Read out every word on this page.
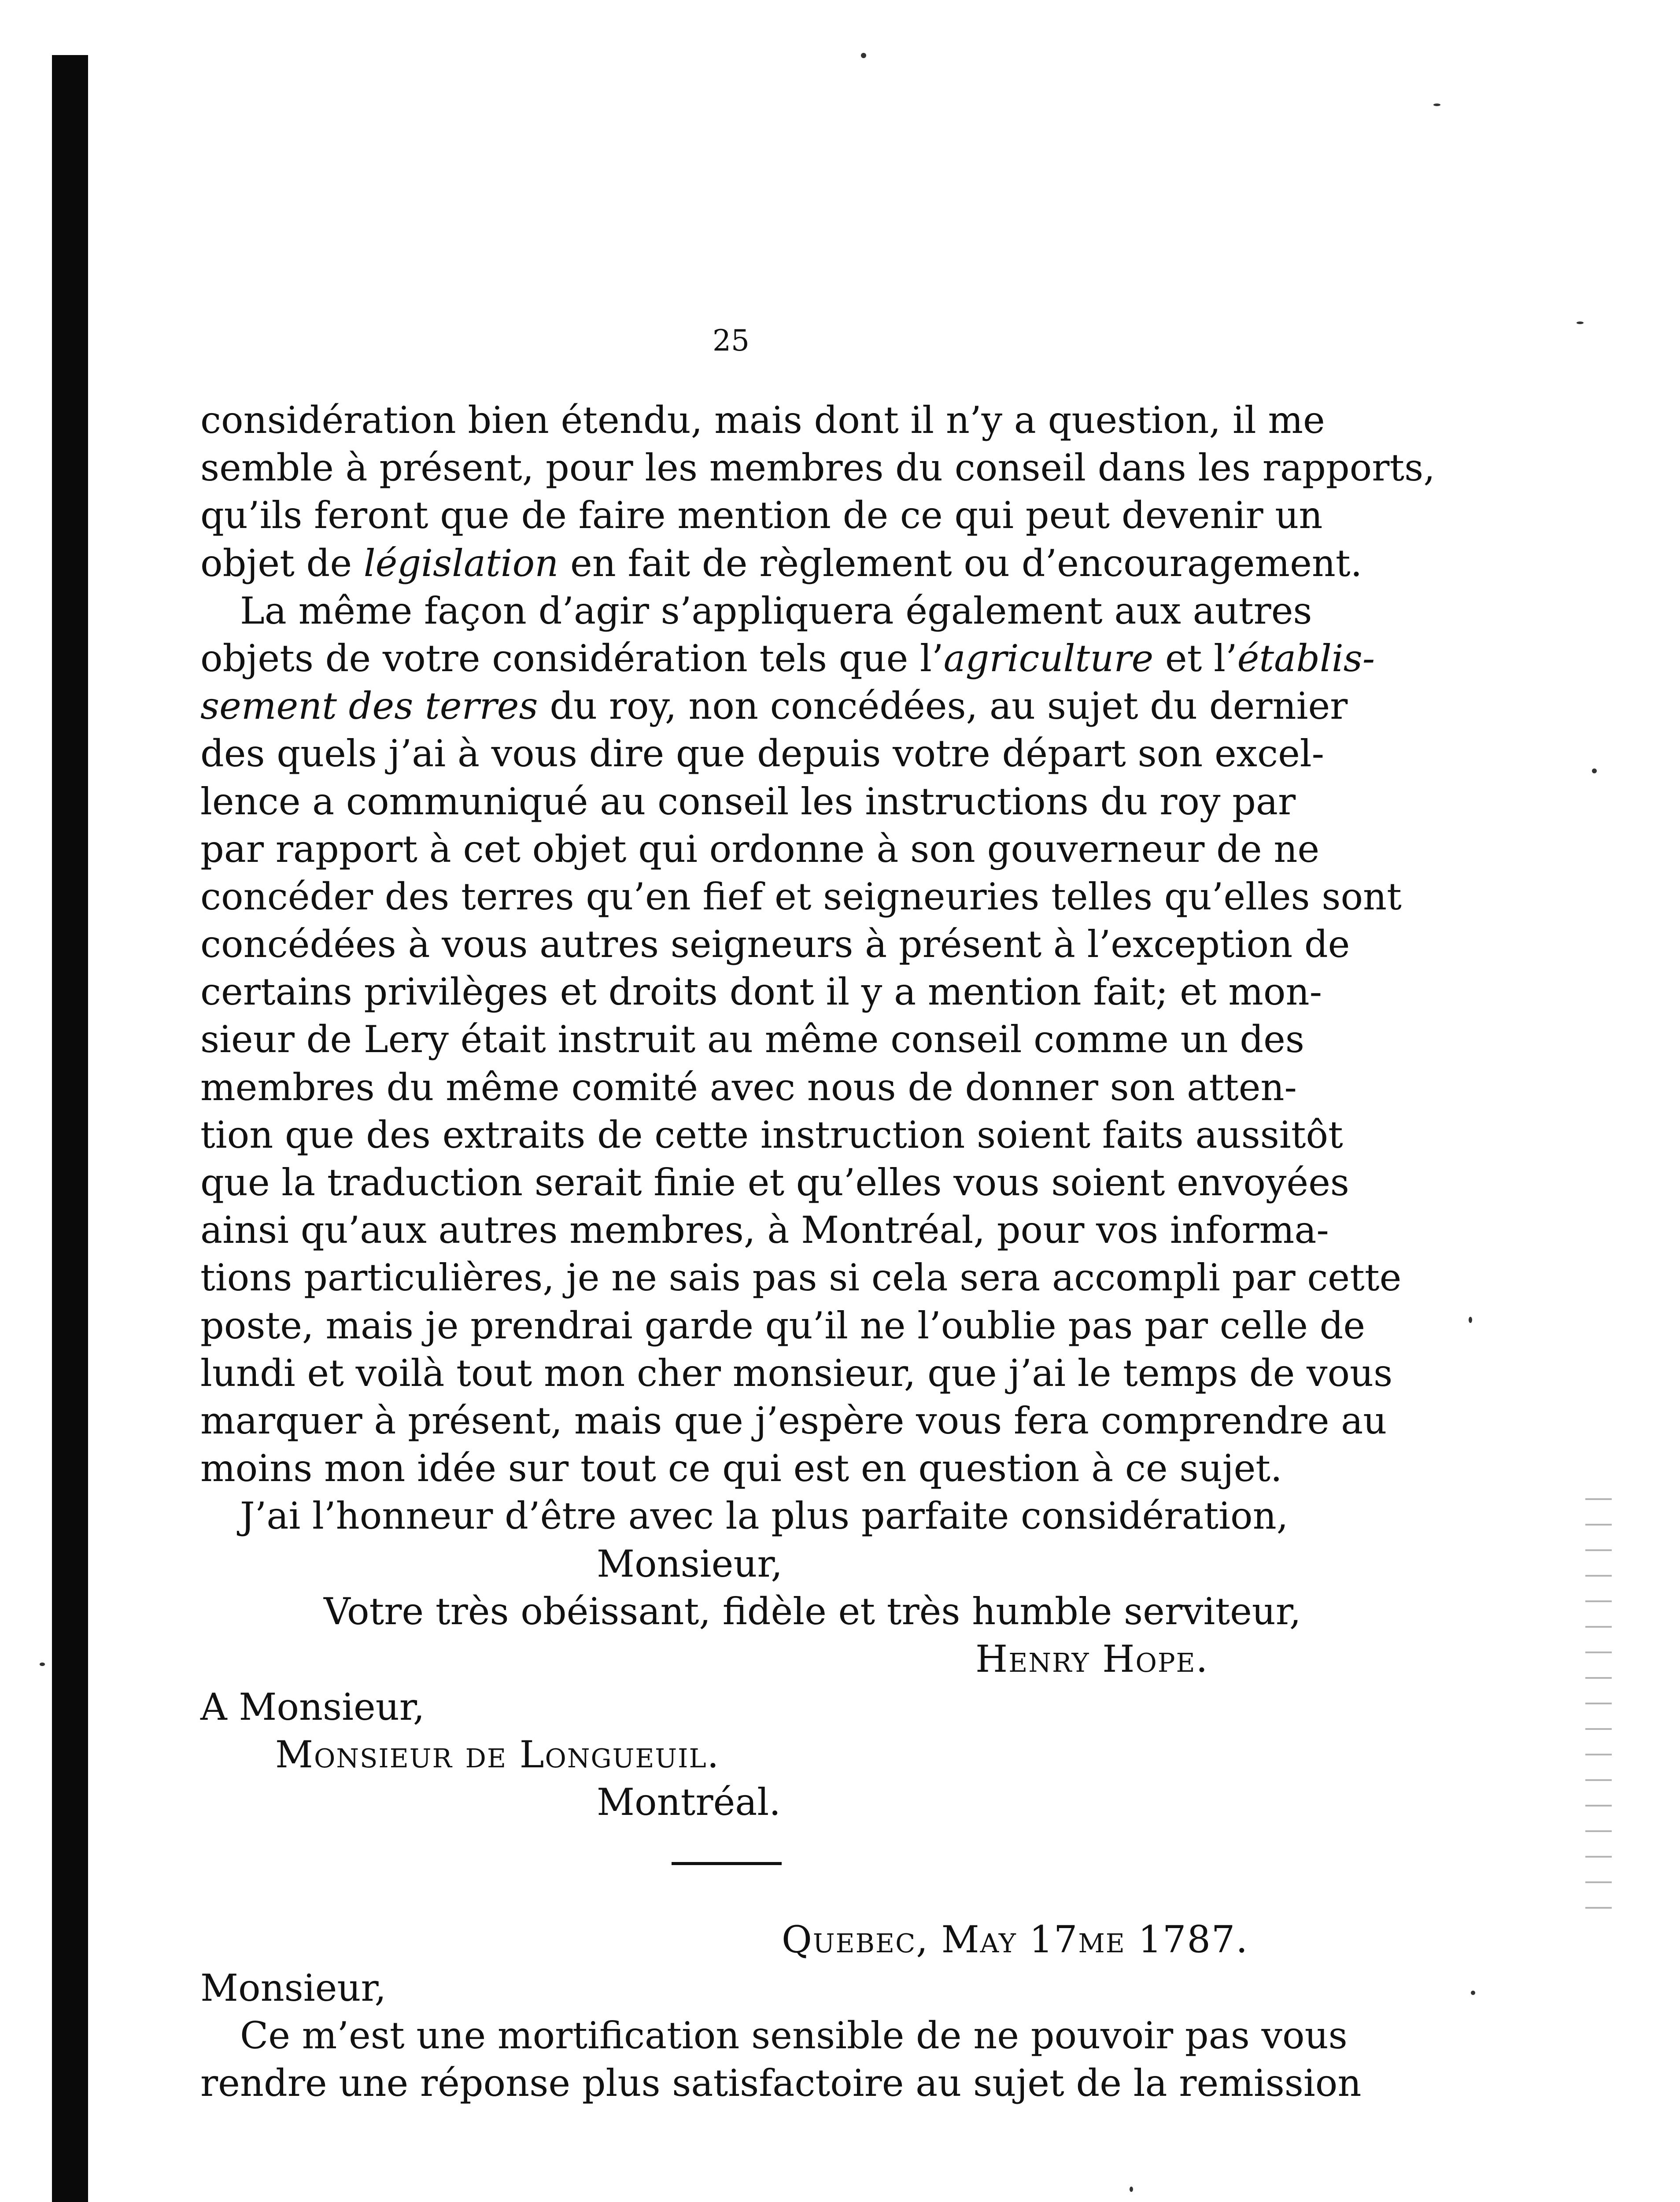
25
considération bien étendu, mais dont il n’y a question, il me
semble à présent, pour les membres du conseil dans les rapports,
qu’ils feront que de faire mention de ce qui peut devenir un
objet de législation en fait de règlement ou d’encouragement.
La même façon d’agir s’appliquera également aux autres
objets de votre considération tels que l’agriculture et l’établis-
sement des terres du roy, non concédées, au sujet du dernier
des quels j’ai à vous dire que depuis votre départ son excel-
lence a communiqué au conseil les instructions du roy par
par rapport à cet objet qui ordonne à son gouverneur de ne
concéder des terres qu’en fief et seigneuries telles qu’elles sont
concédées à vous autres seigneurs à présent à l’exception de
certains privilèges et droits dont il y a mention fait; et mon-
sieur de Lery était instruit au même conseil comme un des
membres du même comité avec nous de donner son atten-
tion que des extraits de cette instruction soient faits aussitôt
que la traduction serait finie et qu’elles vous soient envoyées
ainsi qu’aux autres membres, à Montréal, pour vos informa-
tions particulières, je ne sais pas si cela sera accompli par cette
poste, mais je prendrai garde qu’il ne l’oublie pas par celle de
lundi et voilà tout mon cher monsieur, que j’ai le temps de vous
marquer à présent, mais que j’espère vous fera comprendre au
moins mon idée sur tout ce qui est en question à ce sujet.
J’ai l’honneur d’être avec la plus parfaite considération,
Monsieur,
Votre très obéissant, fidèle et très humble serviteur,
Henry Hope.
A Monsieur,
Monsieur de Longueuil.
Montréal.
Quebec, May 17me 1787.
Monsieur,
Ce m’est une mortification sensible de ne pouvoir pas vous
rendre une réponse plus satisfactoire au sujet de la remission
